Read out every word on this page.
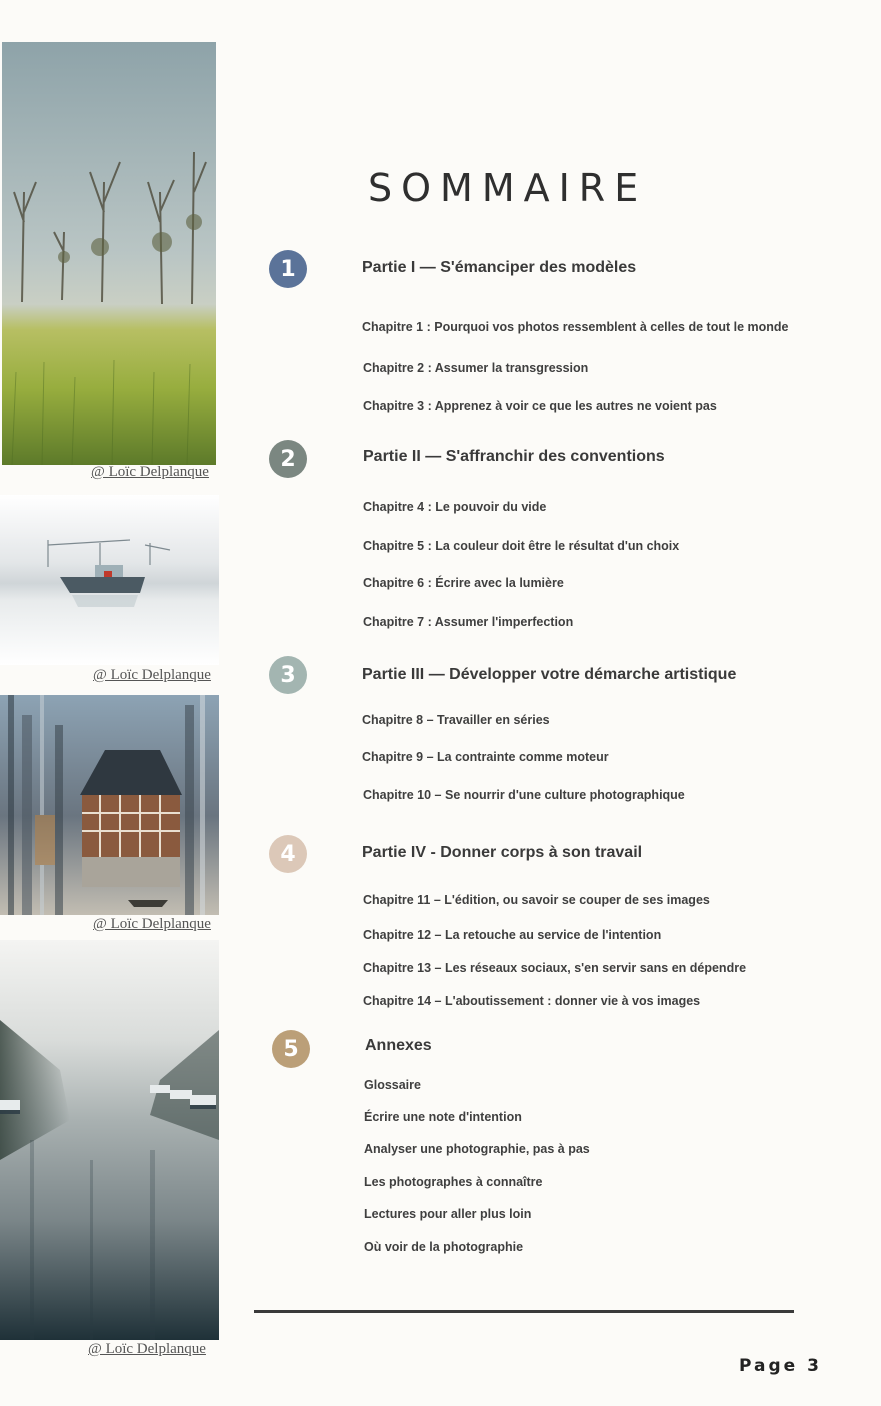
@ Loïc Delplanque
@ Loïc Delplanque
@ Loïc Delplanque
@ Loïc Delplanque
SOMMAIRE
1	Partie I — S'émanciper des modèles
Chapitre 1 : Pourquoi vos photos ressemblent à celles de tout le monde
Chapitre 2 : Assumer la transgression
Chapitre 3 : Apprenez à voir ce que les autres ne voient pas
2	Partie II — S'affranchir des conventions
Chapitre 4 : Le pouvoir du vide
Chapitre 5 : La couleur doit être le résultat d'un choix
Chapitre 6 : Écrire avec la lumière
Chapitre 7 : Assumer l'imperfection
3	Partie III — Développer votre démarche artistique
Chapitre 8 – Travailler en séries
Chapitre 9 – La contrainte comme moteur
Chapitre 10 – Se nourrir d'une culture photographique
4	Partie IV - Donner corps à son travail
Chapitre 11 – L'édition, ou savoir se couper de ses images
Chapitre 12 – La retouche au service de l'intention
Chapitre 13 – Les réseaux sociaux, s'en servir sans en dépendre
Chapitre 14 – L'aboutissement : donner vie à vos images
5	Annexes
Glossaire
Écrire une note d'intention
Analyser une photographie, pas à pas
Les photographes à connaître
Lectures pour aller plus loin
Où voir de la photographie
Page 3
